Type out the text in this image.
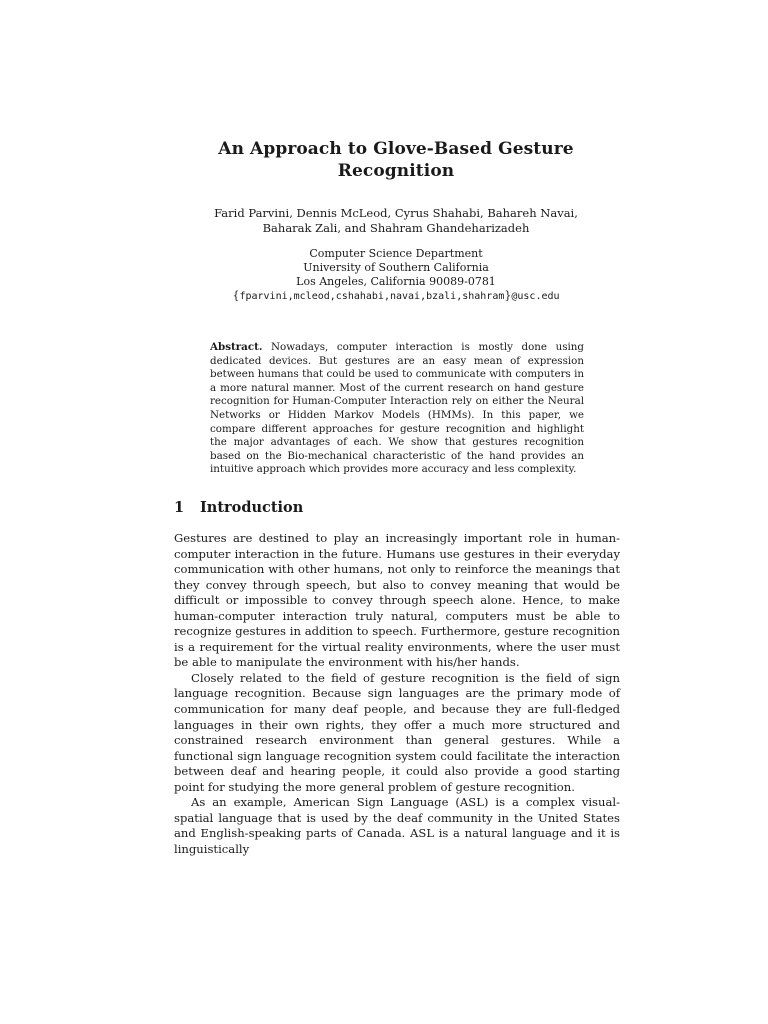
An Approach to Glove-Based Gesture
Recognition
Farid Parvini, Dennis McLeod, Cyrus Shahabi, Bahareh Navai,
Baharak Zali, and Shahram Ghandeharizadeh
Computer Science Department
University of Southern California
Los Angeles, California 90089-0781
{fparvini,mcleod,cshahabi,navai,bzali,shahram}@usc.edu
Abstract. Nowadays, computer interaction is mostly done using dedicated devices. But gestures are an easy mean of expression between humans that could be used to communicate with computers in a more natural manner. Most of the current research on hand gesture recognition for Human-Computer Interaction rely on either the Neural Networks or Hidden Markov Models (HMMs). In this paper, we compare different approaches for gesture recognition and highlight the major advantages of each. We show that gestures recognition based on the Bio-mechanical characteristic of the hand provides an intuitive approach which provides more accuracy and less complexity.
1 Introduction

Gestures are destined to play an increasingly important role in human-computer interaction in the future. Humans use gestures in their everyday communication with other humans, not only to reinforce the meanings that they convey through speech, but also to convey meaning that would be difficult or impossible to convey through speech alone. Hence, to make human-computer interaction truly natural, computers must be able to recognize gestures in addition to speech. Furthermore, gesture recognition is a requirement for the virtual reality environments, where the user must be able to manipulate the environment with his/her hands.

Closely related to the field of gesture recognition is the field of sign language recognition. Because sign languages are the primary mode of communication for many deaf people, and because they are full-fledged languages in their own rights, they offer a much more structured and constrained research environment than general gestures. While a functional sign language recognition system could facilitate the interaction between deaf and hearing people, it could also provide a good starting point for studying the more general problem of gesture recognition.

As an example, American Sign Language (ASL) is a complex visual-spatial language that is used by the deaf community in the United States and English-speaking parts of Canada. ASL is a natural language and it is linguistically
